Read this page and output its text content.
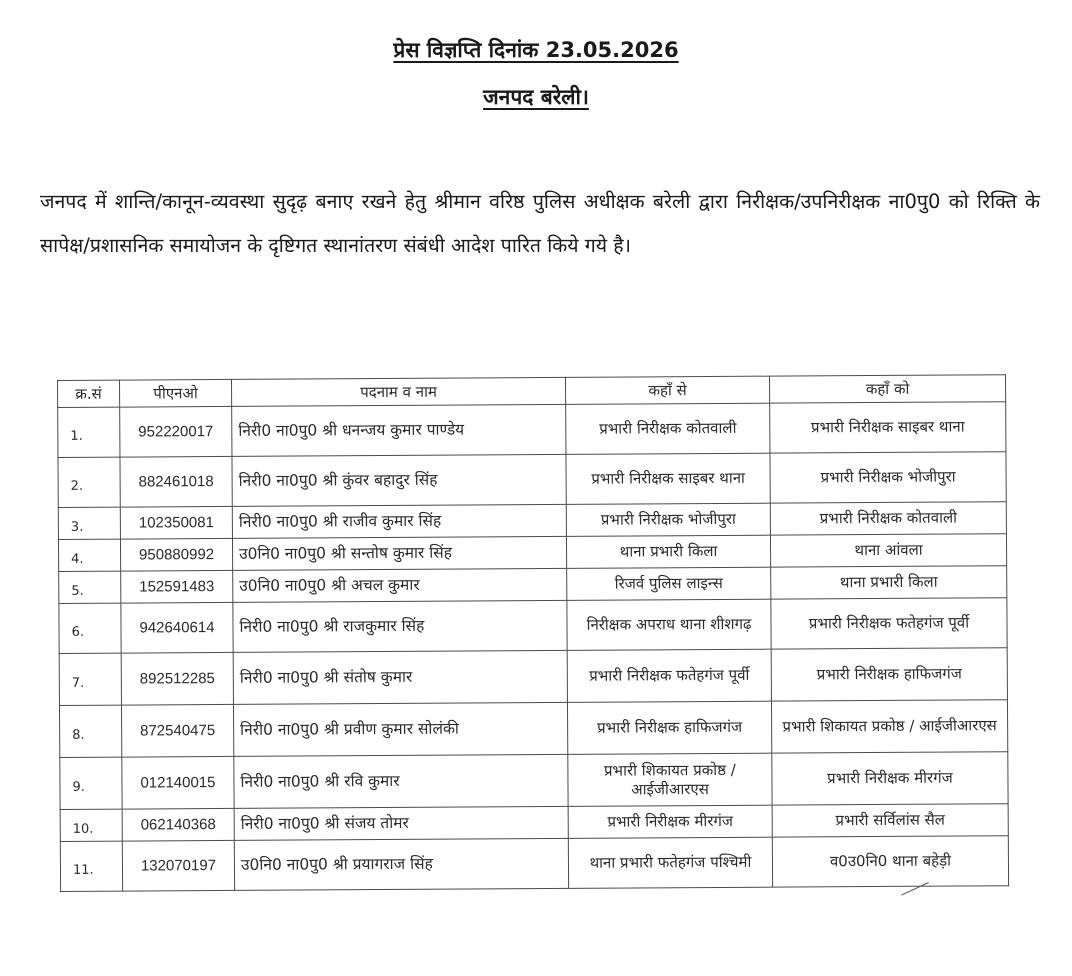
प्रेस विज्ञप्ति दिनांक 23.05.2026
जनपद बरेली।
जनपद में शान्ति/कानून-व्यवस्था सुदृढ़ बनाए रखने हेतु श्रीमान वरिष्ठ पुलिस अधीक्षक बरेली द्वारा निरीक्षक/उपनिरीक्षक ना0पु0 को रिक्ति के सापेक्ष/प्रशासनिक समायोजन के दृष्टिगत स्थानांतरण संबंधी आदेश पारित किये गये है।
क्र.सं	पीएनओ	पदनाम व नाम	कहाँ से	कहाँ को
1.	952220017	निरी0 ना0पु0 श्री धनन्जय कुमार पाण्डेय	प्रभारी निरीक्षक कोतवाली	प्रभारी निरीक्षक साइबर थाना
2.	882461018	निरी0 ना0पु0 श्री कुंवर बहादुर सिंह	प्रभारी निरीक्षक साइबर थाना	प्रभारी निरीक्षक भोजीपुरा
3.	102350081	निरी0 ना0पु0 श्री राजीव कुमार सिंह	प्रभारी निरीक्षक भोजीपुरा	प्रभारी निरीक्षक कोतवाली
4.	950880992	उ0नि0 ना0पु0 श्री सन्तोष कुमार सिंह	थाना प्रभारी किला	थाना आंवला
5.	152591483	उ0नि0 ना0पु0 श्री अचल कुमार	रिजर्व पुलिस लाइन्स	थाना प्रभारी किला
6.	942640614	निरी0 ना0पु0 श्री राजकुमार सिंह	निरीक्षक अपराध थाना शीशगढ़	प्रभारी निरीक्षक फतेहगंज पूर्वी
7.	892512285	निरी0 ना0पु0 श्री संतोष कुमार	प्रभारी निरीक्षक फतेहगंज पूर्वी	प्रभारी निरीक्षक हाफिजगंज
8.	872540475	निरी0 ना0पु0 श्री प्रवीण कुमार सोलंकी	प्रभारी निरीक्षक हाफिजगंज	प्रभारी शिकायत प्रकोष्ठ / आईजीआरएस
9.	012140015	निरी0 ना0पु0 श्री रवि कुमार	प्रभारी शिकायत प्रकोष्ठ / आईजीआरएस	प्रभारी निरीक्षक मीरगंज
10.	062140368	निरी0 ना0पु0 श्री संजय तोमर	प्रभारी निरीक्षक मीरगंज	प्रभारी सर्विलांस सैल
11.	132070197	उ0नि0 ना0पु0 श्री प्रयागराज सिंह	थाना प्रभारी फतेहगंज पश्चिमी	व0उ0नि0 थाना बहेड़ी
